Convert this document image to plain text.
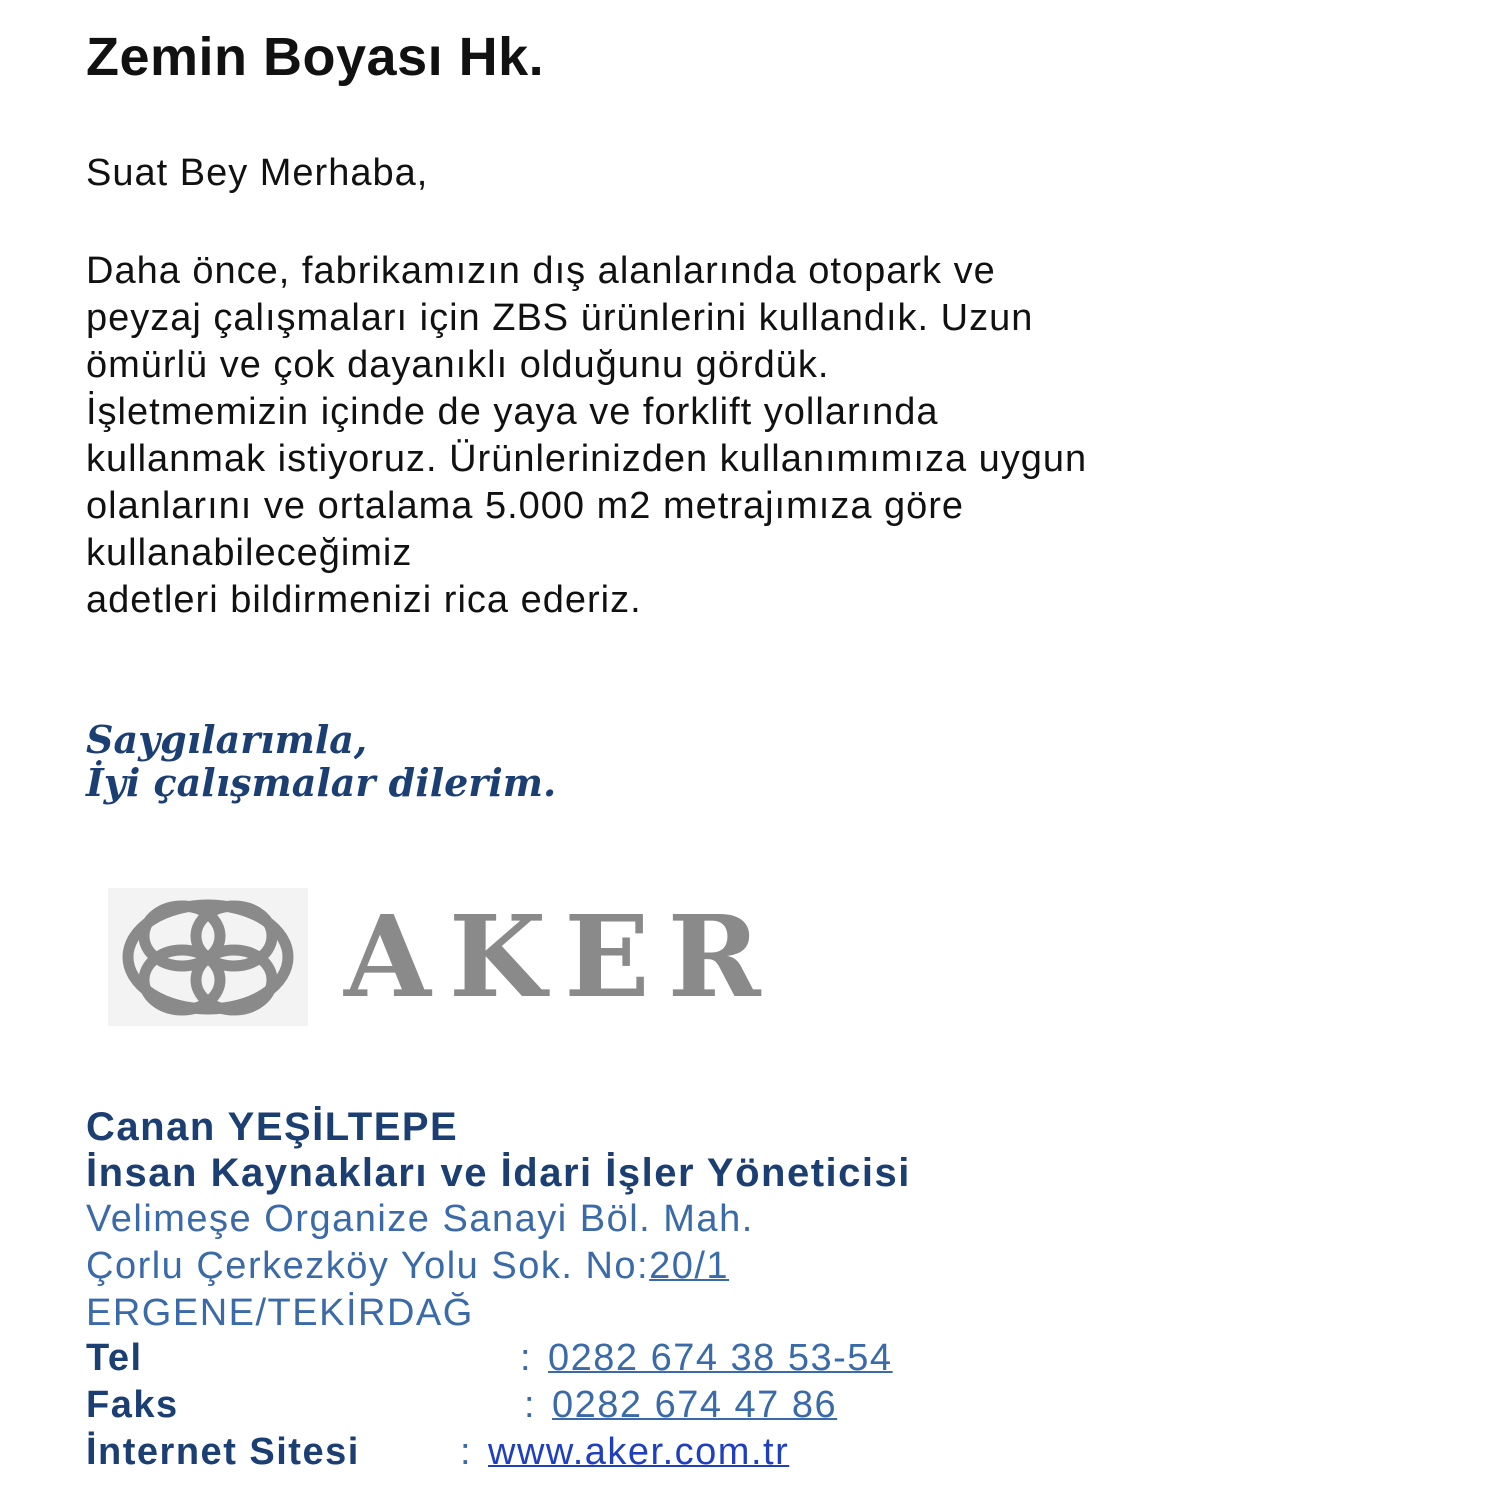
Zemin Boyası Hk.
Suat Bey Merhaba,
Daha önce, fabrikamızın dış alanlarında otopark ve
peyzaj çalışmaları için ZBS ürünlerini kullandık. Uzun
ömürlü ve çok dayanıklı olduğunu gördük.
İşletmemizin içinde de yaya ve forklift yollarında
kullanmak istiyoruz. Ürünlerinizden kullanımımıza uygun
olanlarını ve ortalama 5.000 m2 metrajımıza göre
kullanabileceğimiz
adetleri bildirmenizi rica ederiz.
Saygılarımla,
İyi çalışmalar dilerim.
AKER
Canan YEŞİLTEPE
İnsan Kaynakları ve İdari İşler Yöneticisi
Velimeşe Organize Sanayi Böl. Mah.
Çorlu Çerkezköy Yolu Sok. No:20/1
ERGENE/TEKİRDAĞ
Tel	: 0282 674 38 53-54
Faks	: 0282 674 47 86
İnternet Sitesi	: www.aker.com.tr
